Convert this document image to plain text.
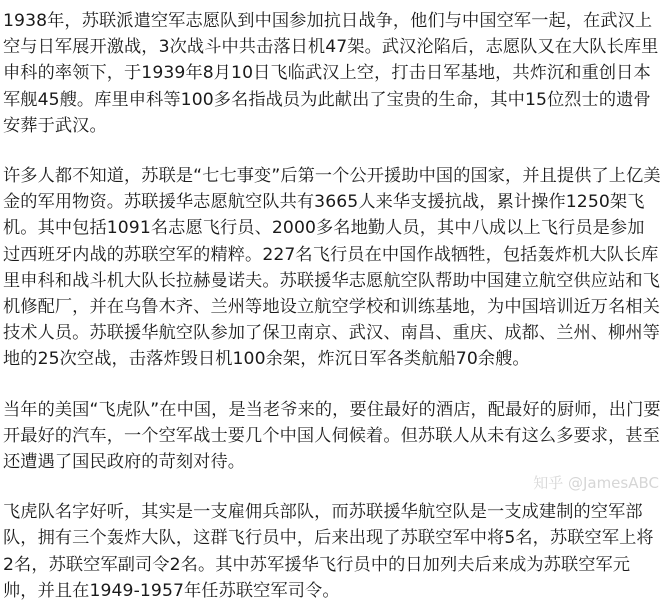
1938年，苏联派遣空军志愿队到中国参加抗日战争，他们与中国空军一起，在武汉上空与日军展开激战，3次战斗中共击落日机47架。武汉沦陷后，志愿队又在大队长库里申科的率领下，于1939年8月10日飞临武汉上空，打击日军基地，共炸沉和重创日本军舰45艘。库里申科等100多名指战员为此献出了宝贵的生命，其中15位烈士的遗骨安葬于武汉。

许多人都不知道，苏联是“七七事变”后第一个公开援助中国的国家，并且提供了上亿美金的军用物资。苏联援华志愿航空队共有3665人来华支援抗战，累计操作1250架飞机。其中包括1091名志愿飞行员、2000多名地勤人员，其中八成以上飞行员是参加过西班牙内战的苏联空军的精粹。227名飞行员在中国作战牺牲，包括轰炸机大队长库里申科和战斗机大队长拉赫曼诺夫。苏联援华志愿航空队帮助中国建立航空供应站和飞机修配厂，并在乌鲁木齐、兰州等地设立航空学校和训练基地，为中国培训近万名相关技术人员。苏联援华航空队参加了保卫南京、武汉、南昌、重庆、成都、兰州、柳州等地的25次空战，击落炸毁日机100余架，炸沉日军各类航船70余艘。

当年的美国“飞虎队”在中国，是当老爷来的，要住最好的酒店，配最好的厨师，出门要开最好的汽车，一个空军战士要几个中国人伺候着。但苏联人从未有这么多要求，甚至还遭遇了国民政府的苛刻对待。

飞虎队名字好听，其实是一支雇佣兵部队，而苏联援华航空队是一支成建制的空军部队，拥有三个轰炸大队，这群飞行员中，后来出现了苏联空军中将5名，苏联空军上将2名，苏联空军副司令2名。其中苏军援华飞行员中的日加列夫后来成为苏联空军元帅，并且在1949-1957年任苏联空军司令。

知乎 @JamesABC
